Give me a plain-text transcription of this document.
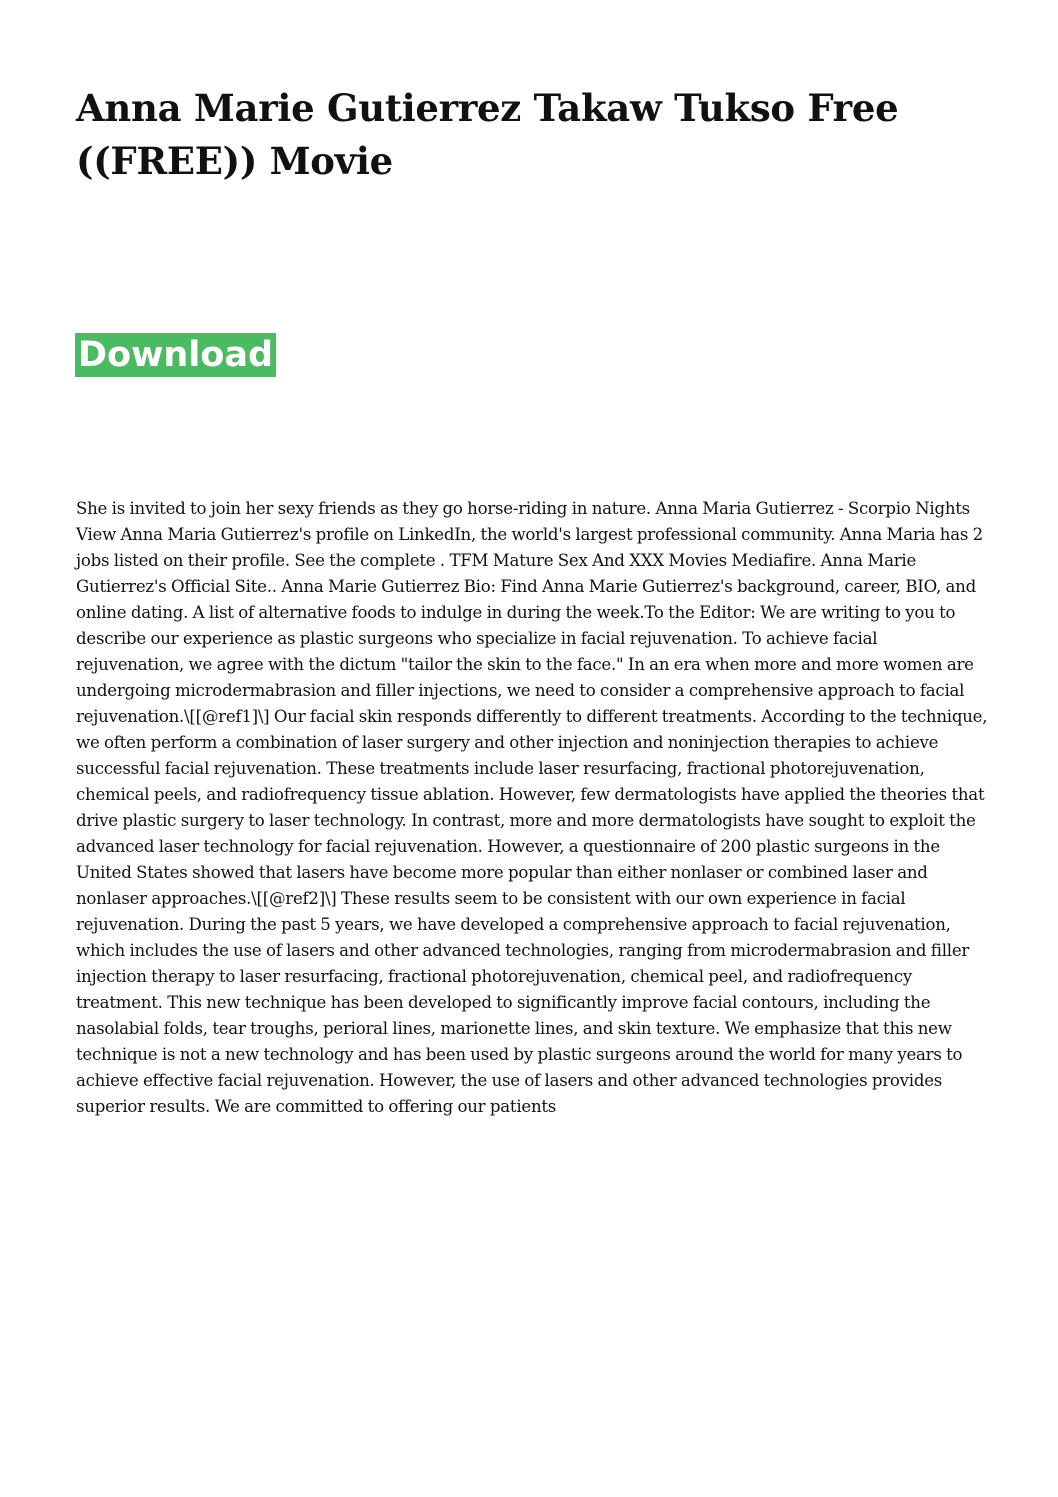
Anna Marie Gutierrez Takaw Tukso Free ((FREE)) Movie
Download

She is invited to join her sexy friends as they go horse-riding in nature. Anna Maria Gutierrez - Scorpio Nights View Anna Maria Gutierrez's profile on LinkedIn, the world's largest professional community. Anna Maria has 2 jobs listed on their profile. See the complete . TFM Mature Sex And XXX Movies Mediafire. Anna Marie Gutierrez's Official Site.. Anna Marie Gutierrez Bio: Find Anna Marie Gutierrez's background, career, BIO, and online dating. A list of alternative foods to indulge in during the week.To the Editor: We are writing to you to describe our experience as plastic surgeons who specialize in facial rejuvenation. To achieve facial rejuvenation, we agree with the dictum "tailor the skin to the face." In an era when more and more women are undergoing microdermabrasion and filler injections, we need to consider a comprehensive approach to facial rejuvenation.\[[@ref1]\] Our facial skin responds differently to different treatments. According to the technique, we often perform a combination of laser surgery and other injection and noninjection therapies to achieve successful facial rejuvenation. These treatments include laser resurfacing, fractional photorejuvenation, chemical peels, and radiofrequency tissue ablation. However, few dermatologists have applied the theories that drive plastic surgery to laser technology. In contrast, more and more dermatologists have sought to exploit the advanced laser technology for facial rejuvenation. However, a questionnaire of 200 plastic surgeons in the United States showed that lasers have become more popular than either nonlaser or combined laser and nonlaser approaches.\[[@ref2]\] These results seem to be consistent with our own experience in facial rejuvenation. During the past 5 years, we have developed a comprehensive approach to facial rejuvenation, which includes the use of lasers and other advanced technologies, ranging from microdermabrasion and filler injection therapy to laser resurfacing, fractional photorejuvenation, chemical peel, and radiofrequency treatment. This new technique has been developed to significantly improve facial contours, including the nasolabial folds, tear troughs, perioral lines, marionette lines, and skin texture. We emphasize that this new technique is not a new technology and has been used by plastic surgeons around the world for many years to achieve effective facial rejuvenation. However, the use of lasers and other advanced technologies provides superior results. We are committed to offering our patients
